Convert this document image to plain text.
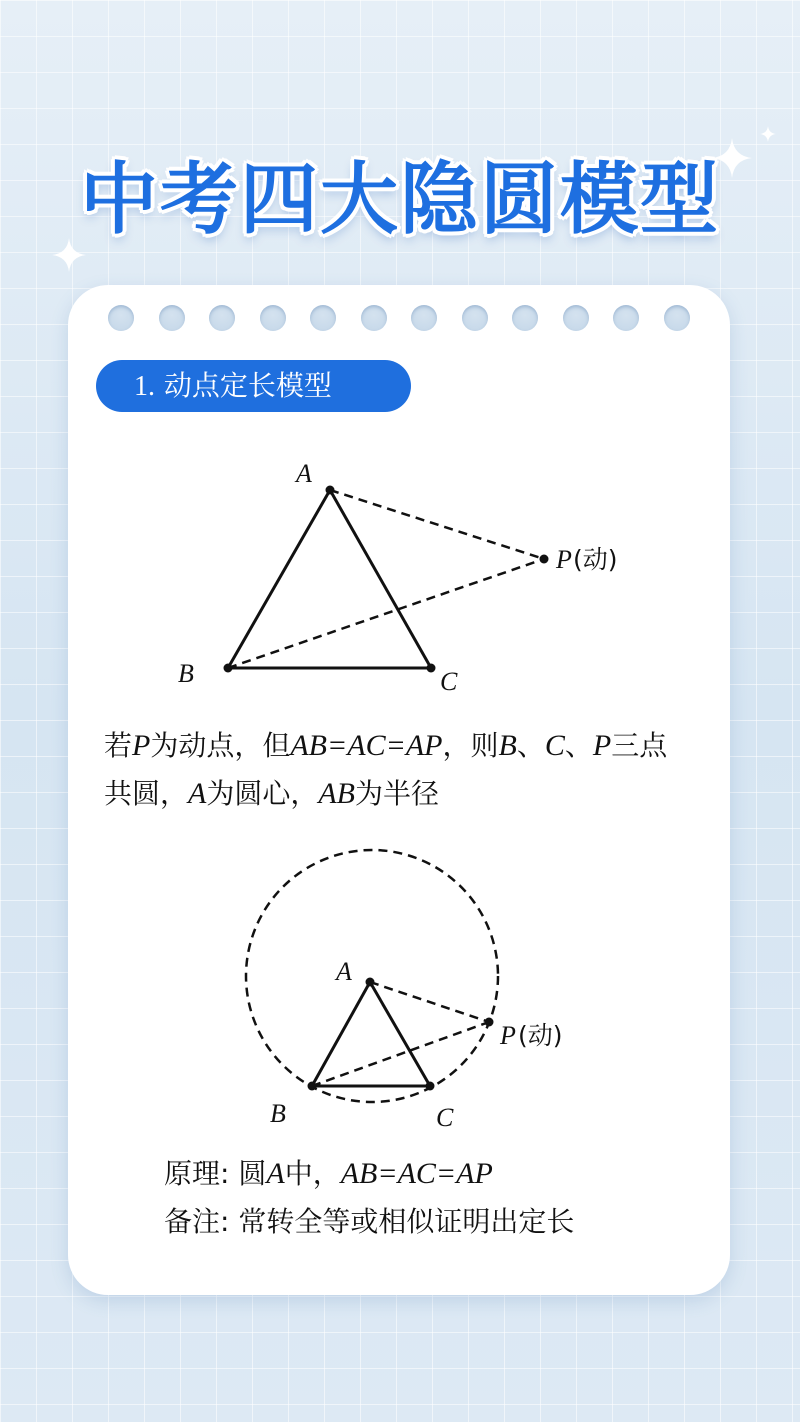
中考四大隐圆模型
1. 动点定长模型
A
B	C
P (动)
A
B	C
P (动)
若P为动点，但AB=AC=AP，则B、C、P三点
共圆，A为圆心，AB为半径
原理: 圆A中，AB=AC=AP
备注: 常转全等或相似证明出定长
